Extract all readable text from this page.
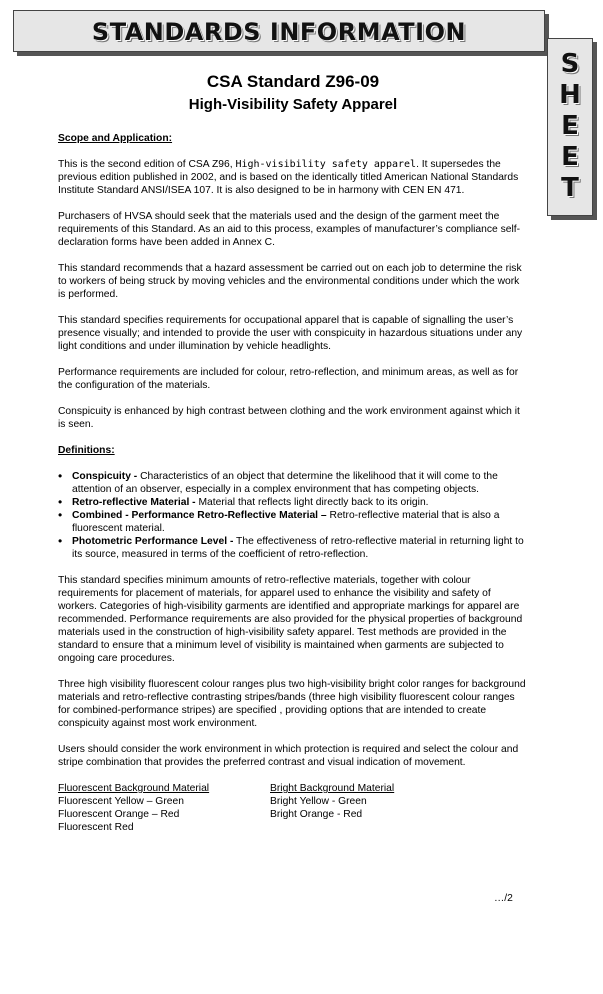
STANDARDS INFORMATION
S
H
E
E
T
CSA Standard Z96-09
High-Visibility Safety Apparel
Scope and Application:

This is the second edition of CSA Z96, High-visibility safety apparel. It supersedes the previous edition published in 2002, and is based on the identically titled American National Standards Institute Standard ANSI/ISEA 107. It is also designed to be in harmony with CEN EN 471.

Purchasers of HVSA should seek that the materials used and the design of the garment meet the requirements of this Standard. As an aid to this process, examples of manufacturer’s compliance self-declaration forms have been added in Annex C.

This standard recommends that a hazard assessment be carried out on each job to determine the risk to workers of being struck by moving vehicles and the environmental conditions under which the work is performed.

This standard specifies requirements for occupational apparel that is capable of signalling the user’s presence visually; and intended to provide the user with conspicuity in hazardous situations under any light conditions and under illumination by vehicle headlights.

Performance requirements are included for colour, retro-reflection, and minimum areas, as well as for the configuration of the materials.

Conspicuity is enhanced by high contrast between clothing and the work environment against which it is seen.

Definitions:
• Conspicuity - Characteristics of an object that determine the likelihood that it will come to the attention of an observer, especially in a complex environment that has competing objects.
• Retro-reflective Material - Material that reflects light directly back to its origin.
• Combined - Performance Retro-Reflective Material – Retro-reflective material that is also a fluorescent material.
• Photometric Performance Level - The effectiveness of retro-reflective material in returning light to its source, measured in terms of the coefficient of retro-reflection.

This standard specifies minimum amounts of retro-reflective materials, together with colour requirements for placement of materials, for apparel used to enhance the visibility and safety of workers. Categories of high-visibility garments are identified and appropriate markings for apparel are recommended. Performance requirements are also provided for the physical properties of background materials used in the construction of high-visibility safety apparel. Test methods are provided in the standard to ensure that a minimum level of visibility is maintained when garments are subjected to ongoing care procedures.

Three high visibility fluorescent colour ranges plus two high-visibility bright color ranges for background materials and retro-reflective contrasting stripes/bands (three high visibility fluorescent colour ranges for combined-performance stripes) are specified , providing options that are intended to create conspicuity against most work environment.

Users should consider the work environment in which protection is required and select the colour and stripe combination that provides the preferred contrast and visual indication of movement.

Fluorescent Background Material
Fluorescent Yellow – Green
Fluorescent Orange – Red
Fluorescent Red
Bright Background Material
Bright Yellow - Green
Bright Orange - Red
…/2
